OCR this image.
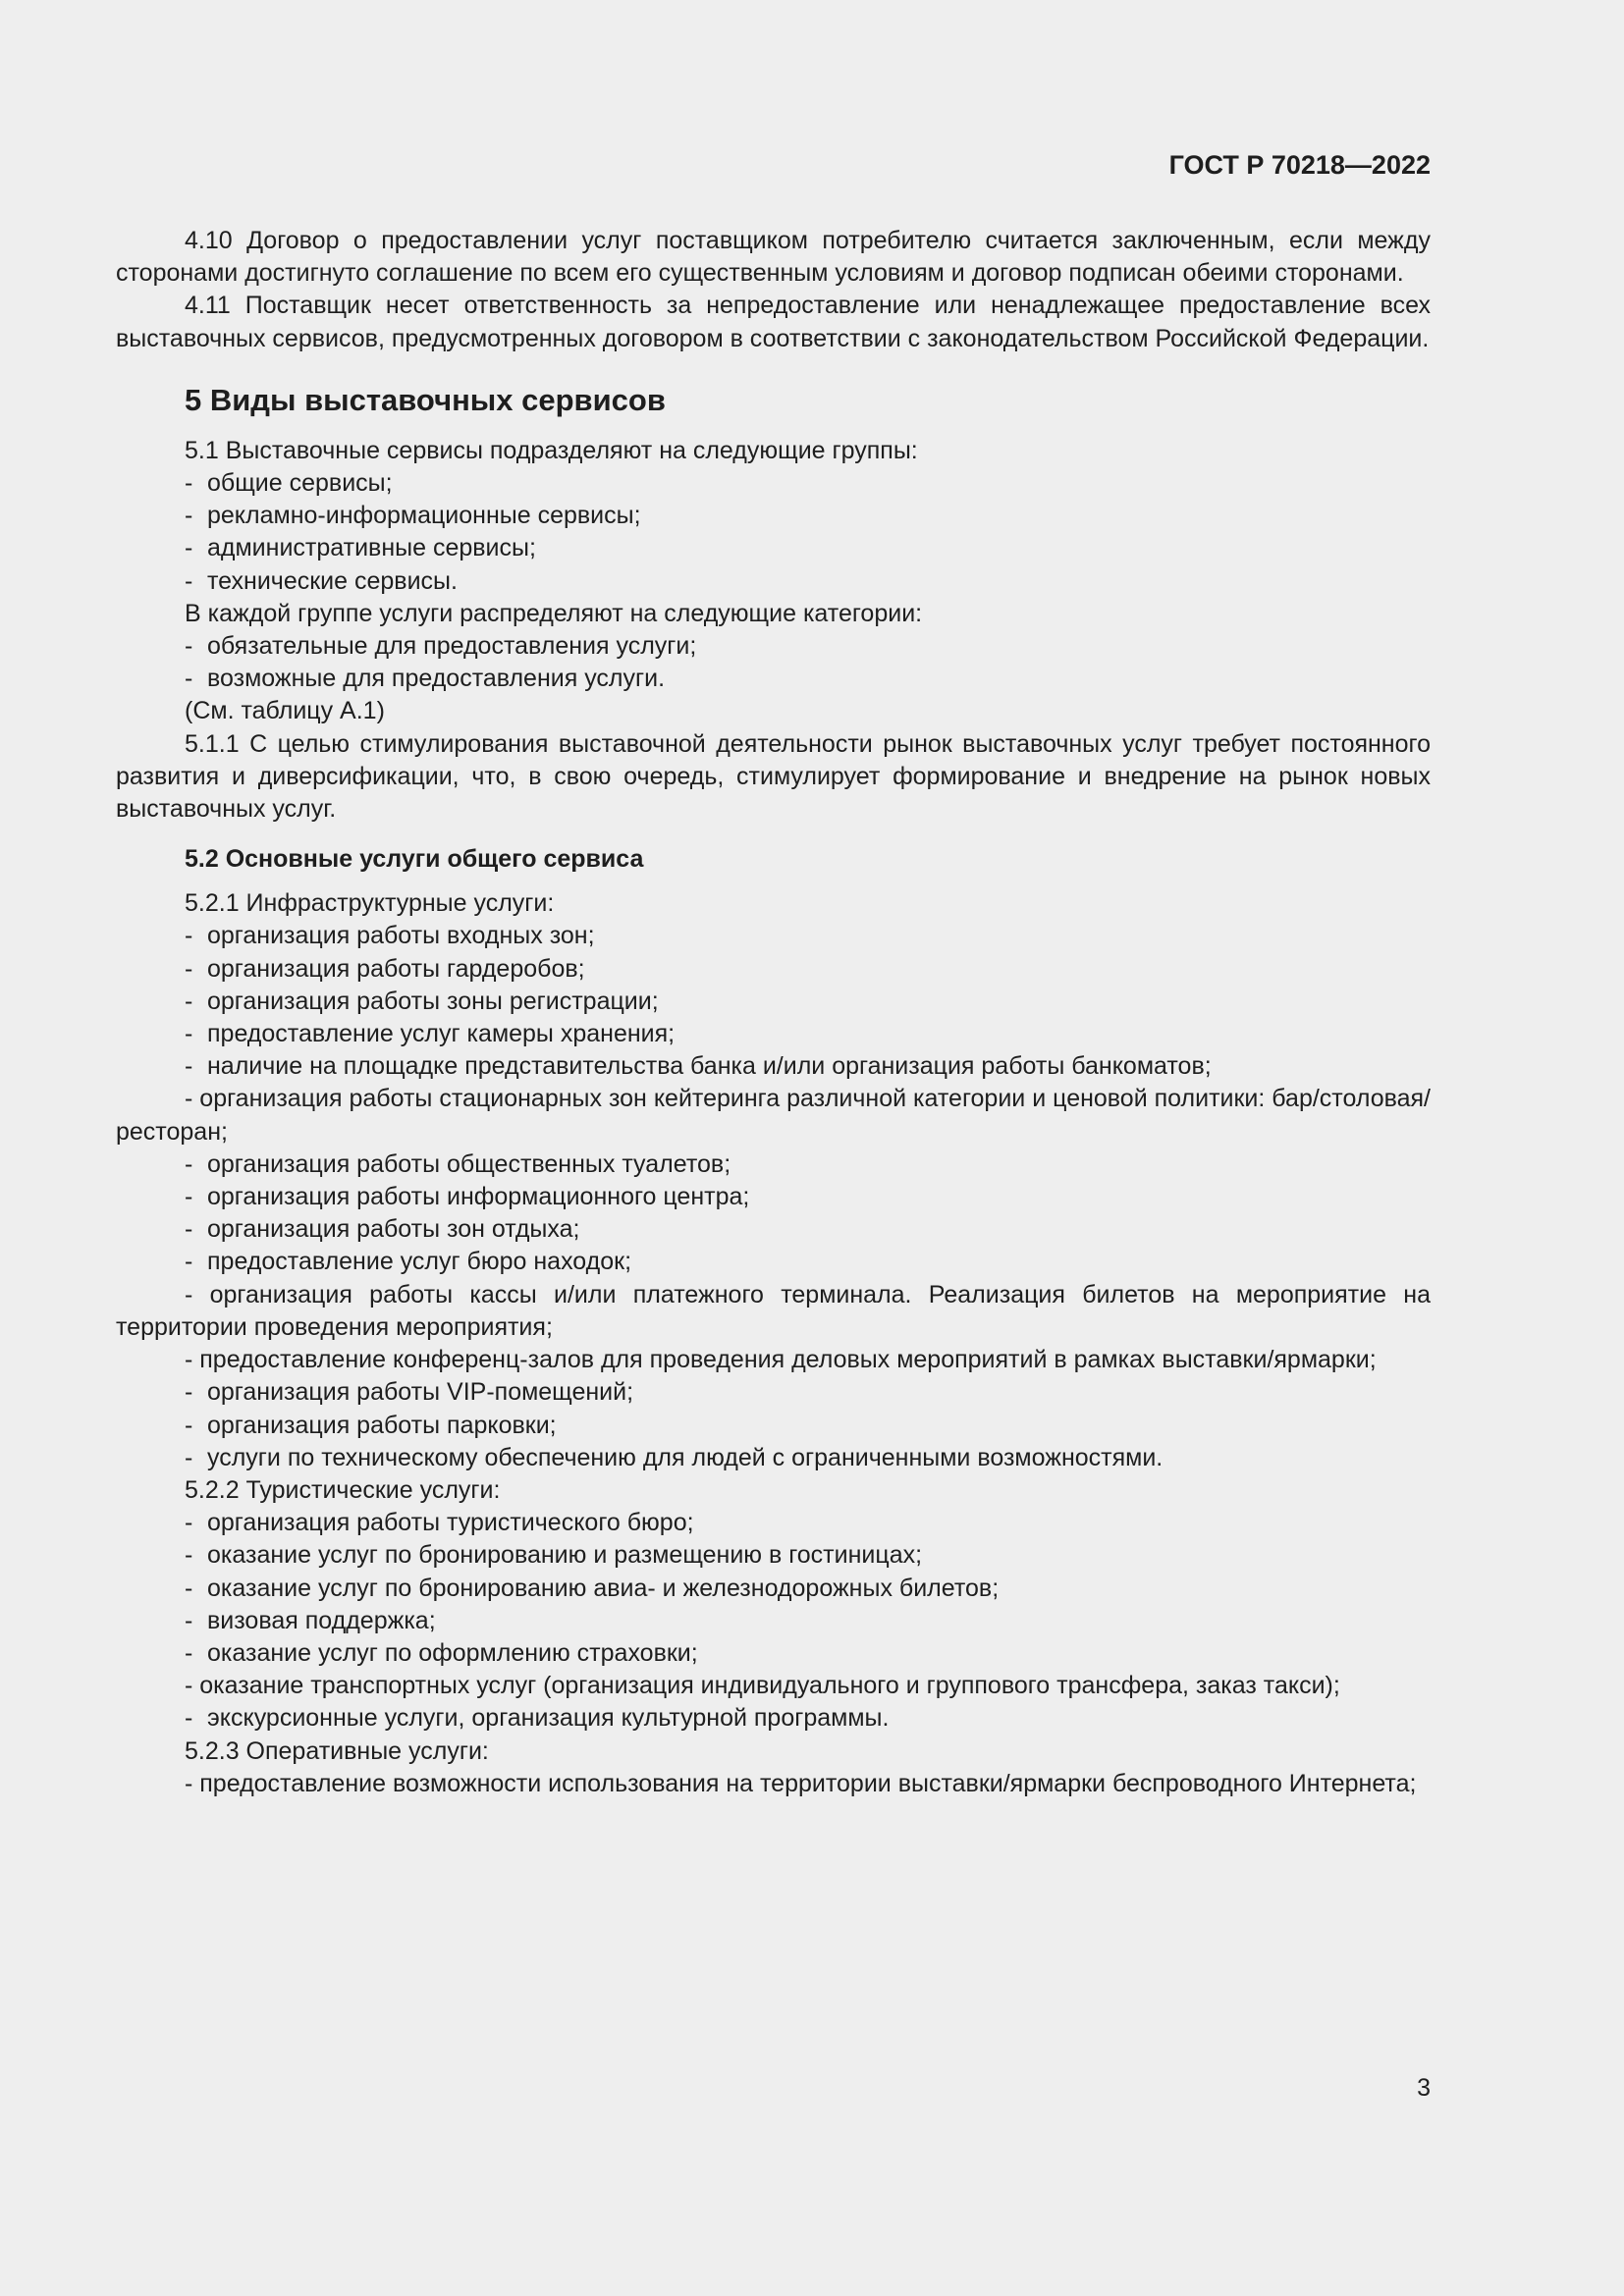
ГОСТ Р 70218—2022

4.10 Договор о предоставлении услуг поставщиком потребителю считается заключенным, если между сторонами достигнуто соглашение по всем его существенным условиям и договор подписан обеими сторонами.

4.11 Поставщик несет ответственность за непредоставление или ненадлежащее предоставление всех выставочных сервисов, предусмотренных договором в соответствии с законодательством Российской Федерации.

5 Виды выставочных сервисов

5.1 Выставочные сервисы подразделяют на следующие группы:

- общие сервисы;
- рекламно-информационные сервисы;
- административные сервисы;
- технические сервисы.

В каждой группе услуги распределяют на следующие категории:

- обязательные для предоставления услуги;
- возможные для предоставления услуги.

(См. таблицу А.1)

5.1.1 С целью стимулирования выставочной деятельности рынок выставочных услуг требует постоянного развития и диверсификации, что, в свою очередь, стимулирует формирование и внедрение на рынок новых выставочных услуг.

5.2 Основные услуги общего сервиса

5.2.1 Инфраструктурные услуги:

- организация работы входных зон;
- организация работы гардеробов;
- организация работы зоны регистрации;
- предоставление услуг камеры хранения;
- наличие на площадке представительства банка и/или организация работы банкоматов;

- организация работы стационарных зон кейтеринга различной категории и ценовой политики: бар/столовая/ресторан;

- организация работы общественных туалетов;
- организация работы информационного центра;
- организация работы зон отдыха;
- предоставление услуг бюро находок;

- организация работы кассы и/или платежного терминала. Реализация билетов на мероприятие на территории проведения мероприятия;

- предоставление конференц-залов для проведения деловых мероприятий в рамках выставки/ярмарки;

- организация работы VIP-помещений;
- организация работы парковки;
- услуги по техническому обеспечению для людей с ограниченными возможностями.

5.2.2 Туристические услуги:

- организация работы туристического бюро;
- оказание услуг по бронированию и размещению в гостиницах;
- оказание услуг по бронированию авиа- и железнодорожных билетов;
- визовая поддержка;
- оказание услуг по оформлению страховки;

- оказание транспортных услуг (организация индивидуального и группового трансфера, заказ такси);

- экскурсионные услуги, организация культурной программы.

5.2.3 Оперативные услуги:

- предоставление возможности использования на территории выставки/ярмарки беспроводного Интернета;

3
